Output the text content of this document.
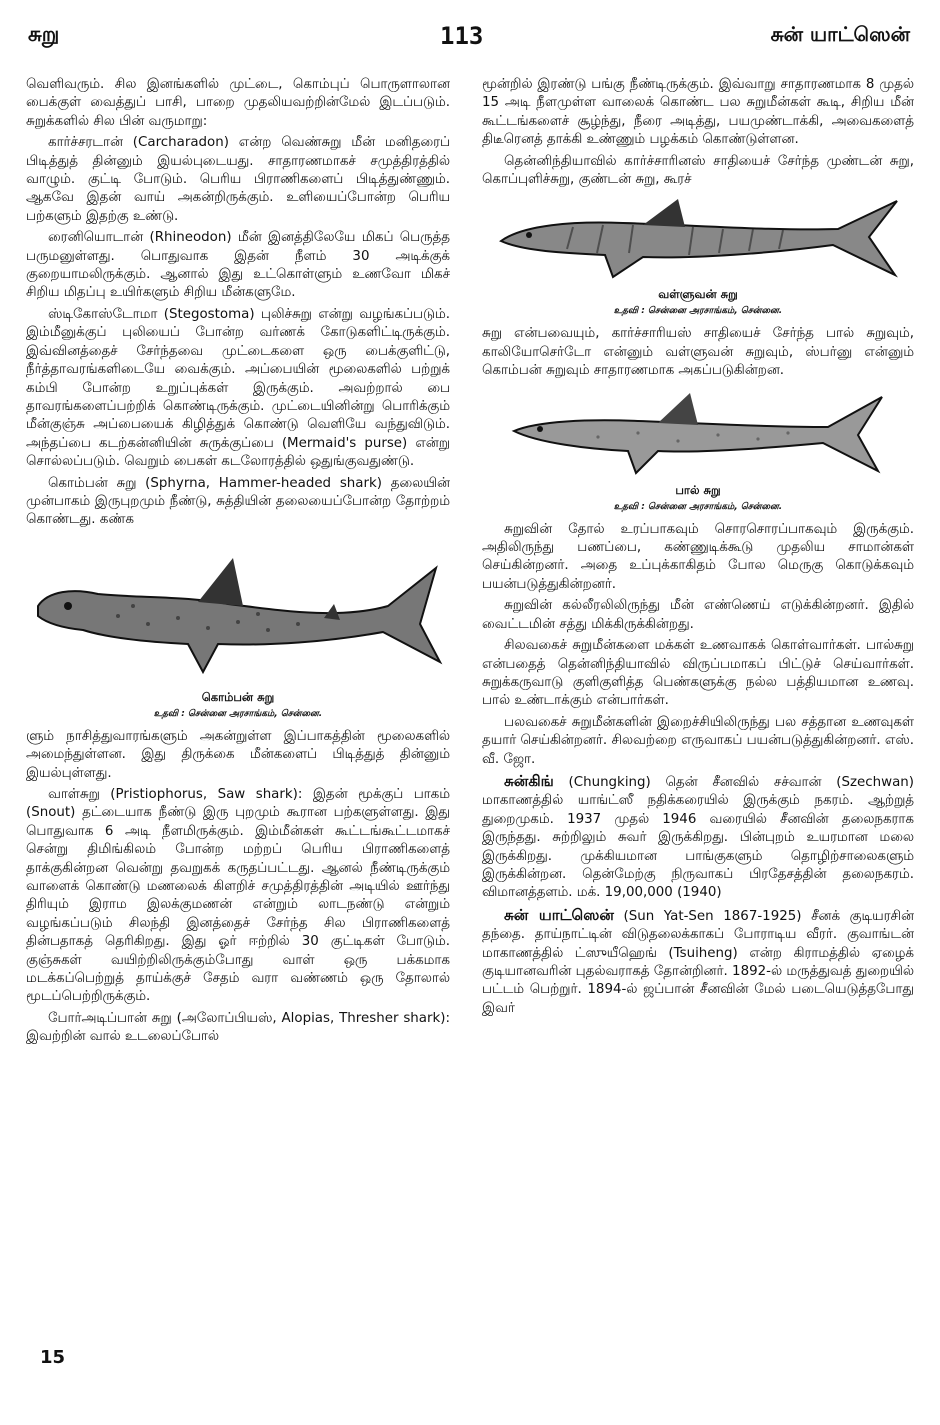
சுறு	113	சுன் யாட்ஸென்

வெளிவரும். சில இனங்களில் முட்டை, கொம்புப் பொருளாலான பைக்குள் வைத்துப் பாசி, பாறை முதலியவற்றின்மேல் இடப்படும். சுறுக்களில் சில பின் வருமாறு:

கார்ச்சரடான் (Carcharadon) என்ற வெண்சுறு மீன் மனிதரைப் பிடித்துத் தின்னும் இயல்புடையது. சாதாரணமாகச் சமுத்திரத்தில் வாழும். குட்டி போடும். பெரிய பிராணிகளைப் பிடித்துண்ணும். ஆகவே இதன் வாய் அகன்றிருக்கும். உளியைப்போன்ற பெரிய பற்களும் இதற்கு உண்டு.

ரைனியொடான் (Rhineodon) மீன் இனத்திலேயே மிகப் பெருத்த பருமனுள்ளது. பொதுவாக இதன் நீளம் 30 அடிக்குக் குறையாமலிருக்கும். ஆனால் இது உட்கொள்ளும் உணவோ மிகச் சிறிய மிதப்பு உயிர்களும் சிறிய மீன்களுமே.

ஸ்டிகோஸ்டோமா (Stegostoma) புலிச்சுறு என்று வழங்கப்படும். இம்மீனுக்குப் புலியைப் போன்ற வர்ணக் கோடுகளிட்டிருக்கும். இவ்வினத்தைச் சேர்ந்தவை முட்டைகளை ஒரு பைக்குளிட்டு, நீர்த்தாவரங்களிடையே வைக்கும். அப்பையின் மூலைகளில் பற்றுக் கம்பி போன்ற உறுப்புக்கள் இருக்கும். அவற்றால் பை தாவரங்களைப்பற்றிக் கொண்டிருக்கும். முட்டையினின்று பொரிக்கும் மீன்குஞ்சு அப்பையைக் கிழித்துக் கொண்டு வெளியே வந்துவிடும். அந்தப்பை கடற்கன்னியின் சுருக்குப்பை (Mermaid's purse) என்று சொல்லப்படும். வெறும் பைகள் கடலோரத்தில் ஒதுங்குவதுண்டு.

கொம்பன் சுறு (Sphyrna, Hammer-headed shark) தலையின் முன்பாகம் இருபுறமும் நீண்டு, சுத்தியின் தலையைப்போன்ற தோற்றம் கொண்டது. கண்க

கொம்பன் சுறு
உதவி : சென்னை அரசாங்கம், சென்னை.

ளும் நாசித்துவாரங்களும் அகன்றுள்ள இப்பாகத்தின் மூலைகளில் அமைந்துள்ளன. இது திருக்கை மீன்களைப் பிடித்துத் தின்னும் இயல்புள்ளது.

வாள்சுறு (Pristiophorus, Saw shark): இதன் மூக்குப் பாகம் (Snout) தட்டையாக நீண்டு இரு புறமும் கூரான பற்களுள்ளது. இது பொதுவாக 6 அடி நீளமிருக்கும். இம்மீன்கள் கூட்டங்கூட்டமாகச் சென்று திமிங்கிலம் போன்ற மற்றப் பெரிய பிராணிகளைத் தாக்குகின்றன வென்று தவறுகக் கருதப்பட்டது. ஆனல் நீண்டிருக்கும் வாளைக் கொண்டு மணலைக் கிளறிச் சமுத்திரத்தின் அடியில் ஊர்ந்து திரியும் இராம இலக்குமணன் என்றும் லாடநண்டு என்றும் வழங்கப்படும் சிலந்தி இனத்தைச் சேர்ந்த சில பிராணிகளைத் தின்பதாகத் தெரிகிறது. இது ஓர் ஈற்றில் 30 குட்டிகள் போடும். குஞ்சுகள் வயிற்றிலிருக்கும்போது வாள் ஒரு பக்கமாக மடக்கப்பெற்றுத் தாய்க்குச் சேதம் வரா வண்ணம் ஒரு தோலால் மூடப்பெற்றிருக்கும்.

போர்அடிப்பான் சுறு (அலோப்பியஸ், Alopias, Thresher shark): இவற்றின் வால் உடலைப்போல்

மூன்றில் இரண்டு பங்கு நீண்டிருக்கும். இவ்வாறு சாதாரணமாக 8 முதல் 15 அடி நீளமுள்ள வாலைக் கொண்ட பல சுறுமீன்கள் கூடி, சிறிய மீன் கூட்டங்களைச் சூழ்ந்து, நீரை அடித்து, பயமுண்டாக்கி, அவைகளைத் திடீரெனத் தாக்கி உண்ணும் பழக்கம் கொண்டுள்ளன.

தென்னிந்தியாவில் கார்ச்சாரினஸ் சாதியைச் சேர்ந்த முண்டன் சுறு, கொப்புளிச்சுறு, குண்டன் சுறு, கூரச்

வள்ளுவன் சுறு
உதவி : சென்னை அரசாங்கம், சென்னை.

சுறு என்பவையும், கார்ச்சாரியஸ் சாதியைச் சேர்ந்த பால் சுறுவும், காலியோசெர்டோ என்னும் வள்ளுவன் சுறுவும், ஸ்பர்னு என்னும் கொம்பன் சுறுவும் சாதாரணமாக அகப்படுகின்றன.

பால் சுறு
உதவி : சென்னை அரசாங்கம், சென்னை.

சுறுவின் தோல் உரப்பாகவும் சொரசொரப்பாகவும் இருக்கும். அதிலிருந்து பணப்பை, கண்ணுடிக்கூடு முதலிய சாமான்கள் செய்கின்றனர். அதை உப்புக்காகிதம் போல மெருகு கொடுக்கவும் பயன்படுத்துகின்றனர்.

சுறுவின் கல்லீரலிலிருந்து மீன் எண்ணெய் எடுக்கின்றனர். இதில் வைட்டமின் சத்து மிக்கிருக்கின்றது.

சிலவகைச் சுறுமீன்களை மக்கள் உணவாகக் கொள்வார்கள். பால்சுறு என்பதைத் தென்னிந்தியாவில் விருப்பமாகப் பிட்டுச் செய்வார்கள். சுறுக்கருவாடு குளிகுளித்த பெண்களுக்கு நல்ல பத்தியமான உணவு. பால் உண்டாக்கும் என்பார்கள்.

பலவகைச் சுறுமீன்களின் இறைச்சியிலிருந்து பல சத்தான உணவுகள் தயார் செய்கின்றனர். சிலவற்றை எருவாகப் பயன்படுத்துகின்றனர். எஸ். வீ. ஜோ.

சுன்கிங் (Chungking) தென் சீனவில் சச்வான் (Szechwan) மாகாணத்தில் யாங்ட்ஸீ நதிக்கரையில் இருக்கும் நகரம். ஆற்றுத் துறைமுகம். 1937 முதல் 1946 வரையில் சீனவின் தலைநகராக இருந்தது. சுற்றிலும் சுவர் இருக்கிறது. பின்புறம் உயரமான மலை இருக்கிறது. முக்கியமான பாங்குகளும் தொழிற்சாலைகளும் இருக்கின்றன. தென்மேற்கு நிருவாகப் பிரதேசத்தின் தலைநகரம். விமானத்தளம். மக். 19,00,000 (1940)

சுன் யாட்ஸென் (Sun Yat-Sen 1867-1925) சீனக் குடியரசின் தந்தை. தாய்நாட்டின் விடுதலைக்காகப் போராடிய வீரர். குவாங்டன் மாகாணத்தில் ட்ஸுயீஹெங் (Tsuiheng) என்ற கிராமத்தில் ஏழைக் குடியானவரின் புதல்வராகத் தோன்றினர். 1892-ல் மருத்துவத் துறையில் பட்டம் பெற்றுர். 1894-ல் ஜப்பான் சீனவின் மேல் படையெடுத்தபோது இவர்

15
